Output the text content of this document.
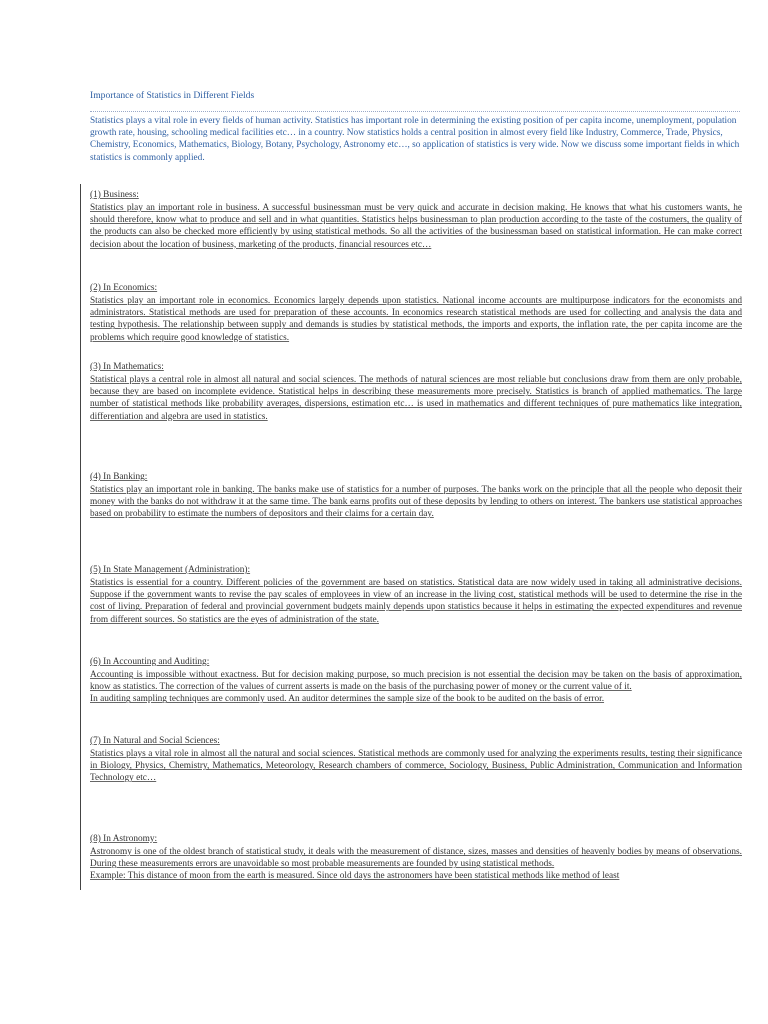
Importance of Statistics in Different Fields
Statistics plays a vital role in every fields of human activity. Statistics has important role in determining the existing position of per capita income, unemployment, population growth rate, housing, schooling medical facilities etc… in a country. Now statistics holds a central position in almost every field like Industry, Commerce, Trade, Physics, Chemistry, Economics, Mathematics, Biology, Botany, Psychology, Astronomy etc…, so application of statistics is very wide. Now we discuss some important fields in which statistics is commonly applied.
(1) Business:

Statistics play an important role in business. A successful businessman must be very quick and accurate in decision making. He knows that what his customers wants, he should therefore, know what to produce and sell and in what quantities. Statistics helps businessman to plan production according to the taste of the costumers, the quality of the products can also be checked more efficiently by using statistical methods. So all the activities of the businessman based on statistical information. He can make correct decision about the location of business, marketing of the products, financial resources etc…

(2) In Economics:

Statistics play an important role in economics. Economics largely depends upon statistics. National income accounts are multipurpose indicators for the economists and administrators. Statistical methods are used for preparation of these accounts. In economics research statistical methods are used for collecting and analysis the data and testing hypothesis. The relationship between supply and demands is studies by statistical methods, the imports and exports, the inflation rate, the per capita income are the problems which require good knowledge of statistics.

(3) In Mathematics:

Statistical plays a central role in almost all natural and social sciences. The methods of natural sciences are most reliable but conclusions draw from them are only probable, because they are based on incomplete evidence. Statistical helps in describing these measurements more precisely. Statistics is branch of applied mathematics. The large number of statistical methods like probability averages, dispersions, estimation etc… is used in mathematics and different techniques of pure mathematics like integration, differentiation and algebra are used in statistics.

(4) In Banking:

Statistics play an important role in banking. The banks make use of statistics for a number of purposes. The banks work on the principle that all the people who deposit their money with the banks do not withdraw it at the same time. The bank earns profits out of these deposits by lending to others on interest. The bankers use statistical approaches based on probability to estimate the numbers of depositors and their claims for a certain day.

(5) In State Management (Administration):

Statistics is essential for a country. Different policies of the government are based on statistics. Statistical data are now widely used in taking all administrative decisions. Suppose if the government wants to revise the pay scales of employees in view of an increase in the living cost, statistical methods will be used to determine the rise in the cost of living. Preparation of federal and provincial government budgets mainly depends upon statistics because it helps in estimating the expected expenditures and revenue from different sources. So statistics are the eyes of administration of the state.

(6) In Accounting and Auditing:

Accounting is impossible without exactness. But for decision making purpose, so much precision is not essential the decision may be taken on the basis of approximation, know as statistics. The correction of the values of current asserts is made on the basis of the purchasing power of money or the current value of it.

In auditing sampling techniques are commonly used. An auditor determines the sample size of the book to be audited on the basis of error.

(7) In Natural and Social Sciences:

Statistics plays a vital role in almost all the natural and social sciences. Statistical methods are commonly used for analyzing the experiments results, testing their significance in Biology, Physics, Chemistry, Mathematics, Meteorology, Research chambers of commerce, Sociology, Business, Public Administration, Communication and Information Technology etc…

(8) In Astronomy:

Astronomy is one of the oldest branch of statistical study, it deals with the measurement of distance, sizes, masses and densities of heavenly bodies by means of observations. During these measurements errors are unavoidable so most probable measurements are founded by using statistical methods.

Example: This distance of moon from the earth is measured. Since old days the astronomers have been statistical methods like method of least
